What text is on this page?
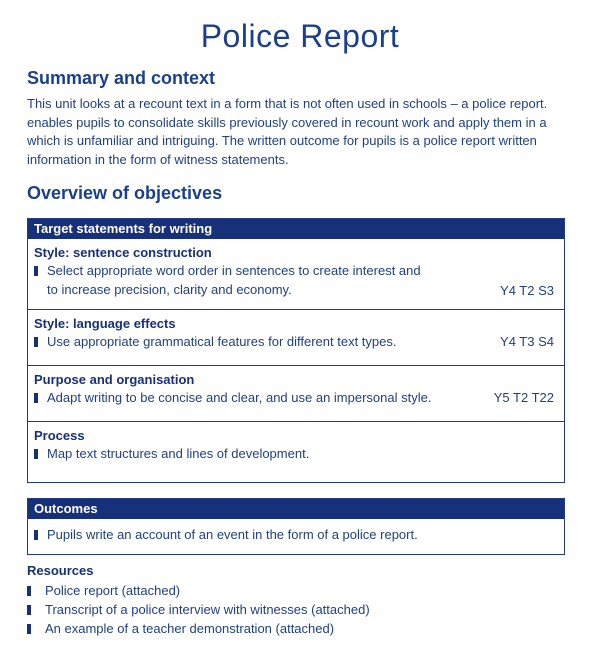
Police Report
Summary and context
This unit looks at a recount text in a form that is not often used in schools – a police report.
enables pupils to consolidate skills previously covered in recount work and apply them in a
which is unfamiliar and intriguing. The written outcome for pupils is a police report written
information in the form of witness statements.
Overview of objectives
Target statements for writing
Style: sentence construction
Select appropriate word order in sentences to create interest and
to increase precision, clarity and economy.	Y4 T2 S3
Style: language effects
Use appropriate grammatical features for different text types.	Y4 T3 S4
Purpose and organisation
Adapt writing to be concise and clear, and use an impersonal style.	Y5 T2 T22
Process
Map text structures and lines of development.
Outcomes
Pupils write an account of an event in the form of a police report.
Resources
Police report (attached)
Transcript of a police interview with witnesses (attached)
An example of a teacher demonstration (attached)
